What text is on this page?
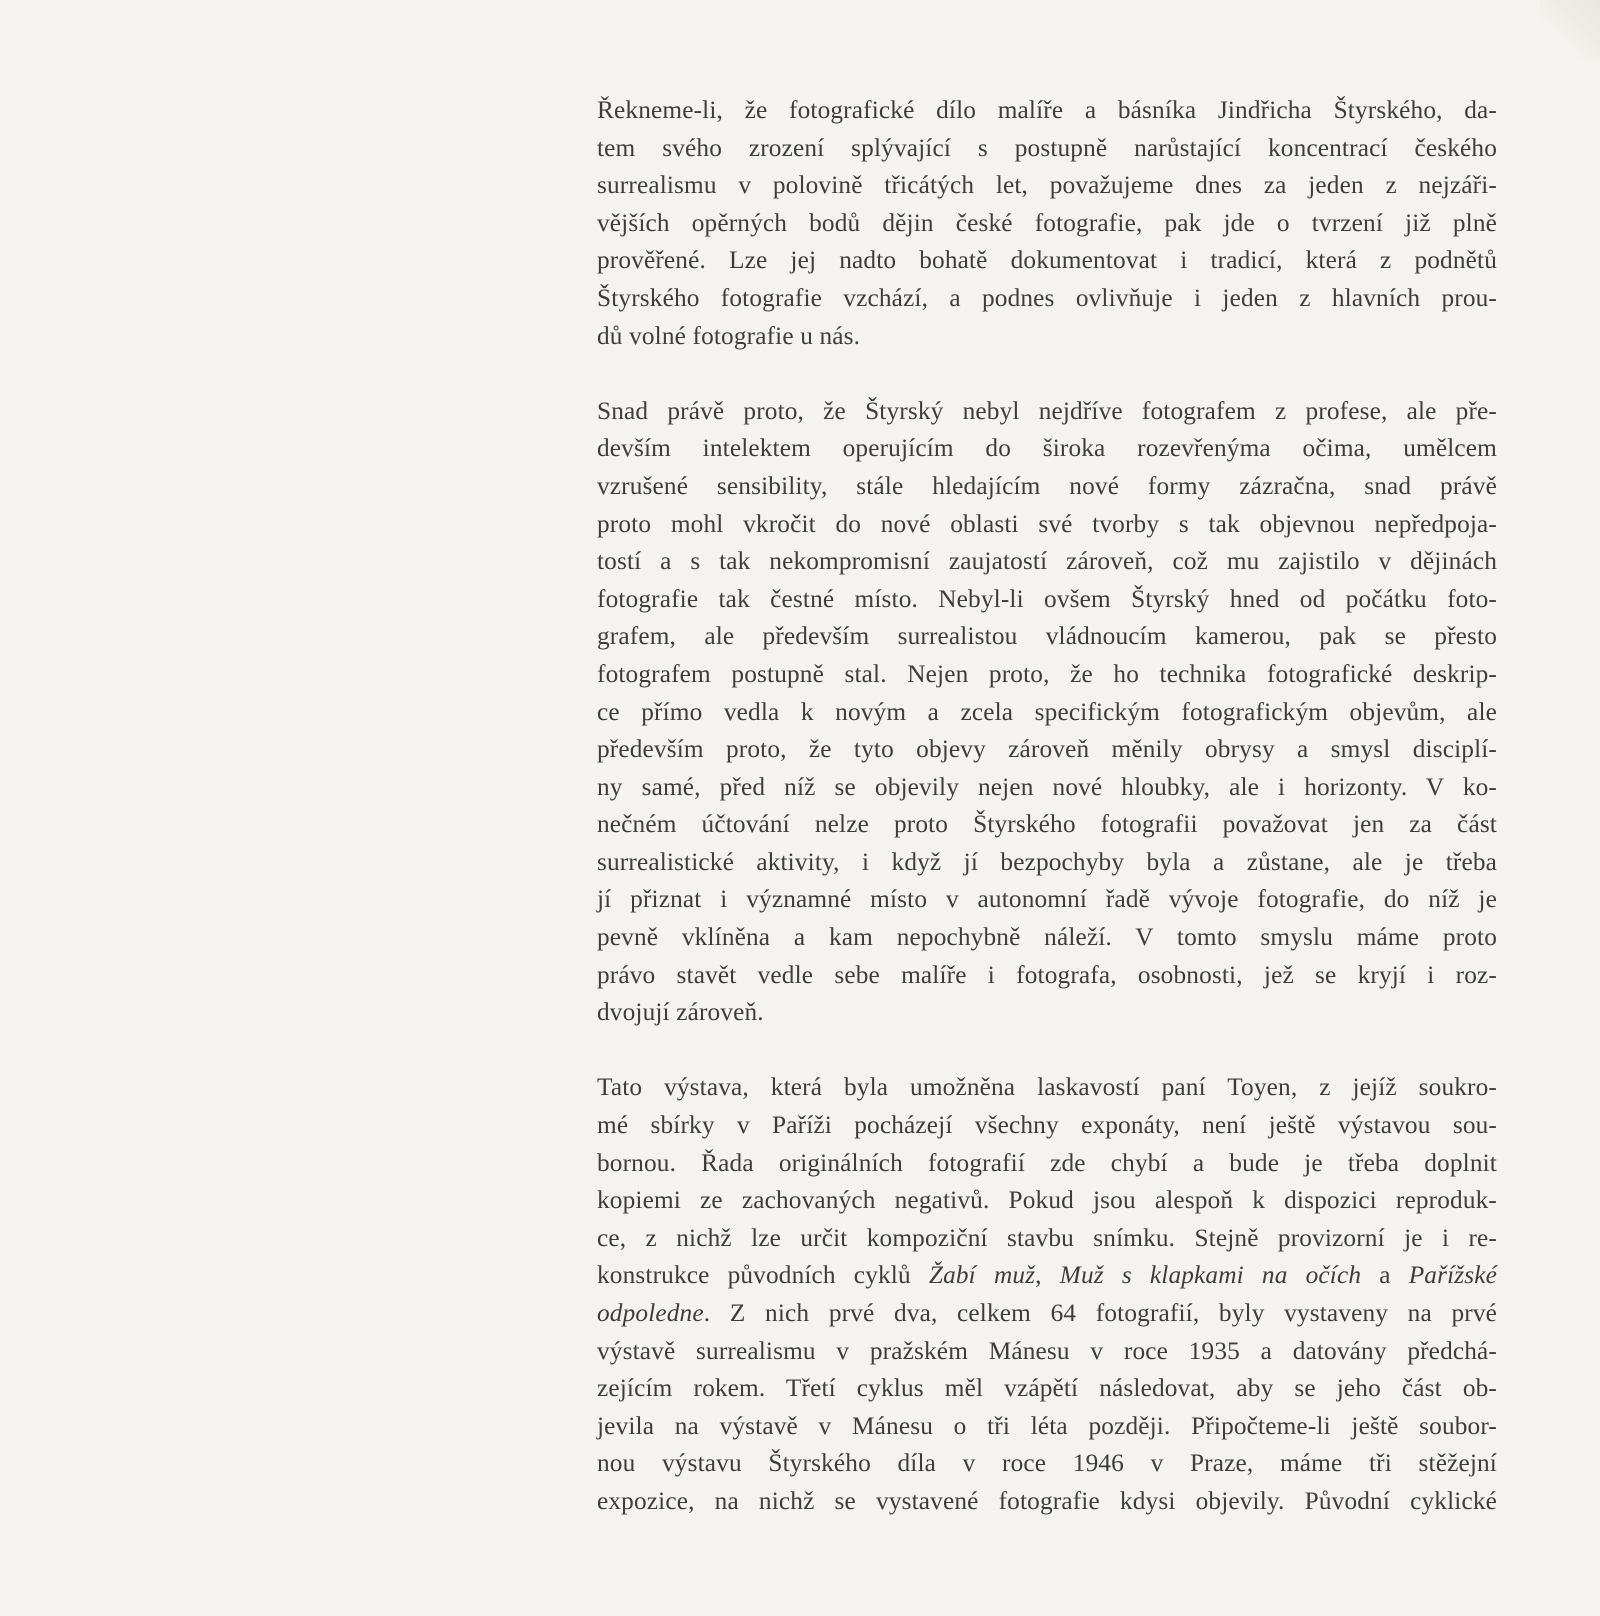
Řekneme-li, že fotografické dílo malíře a básníka Jindřicha Štyrského, da-
tem svého zrození splývající s postupně narůstající koncentrací českého
surrealismu v polovině třicátých let, považujeme dnes za jeden z nejzáři-
vějších opěrných bodů dějin české fotografie, pak jde o tvrzení již plně
prověřené. Lze jej nadto bohatě dokumentovat i tradicí, která z podnětů
Štyrského fotografie vzchází, a podnes ovlivňuje i jeden z hlavních prou-
dů volné fotografie u nás.
Snad právě proto, že Štyrský nebyl nejdříve fotografem z profese, ale pře-
devším intelektem operujícím do široka rozevřenýma očima, umělcem
vzrušené sensibility, stále hledajícím nové formy zázračna, snad právě
proto mohl vkročit do nové oblasti své tvorby s tak objevnou nepředpoja-
tostí a s tak nekompromisní zaujatostí zároveň, což mu zajistilo v dějinách
fotografie tak čestné místo. Nebyl-li ovšem Štyrský hned od počátku foto-
grafem, ale především surrealistou vládnoucím kamerou, pak se přesto
fotografem postupně stal. Nejen proto, že ho technika fotografické deskrip-
ce přímo vedla k novým a zcela specifickým fotografickým objevům, ale
především proto, že tyto objevy zároveň měnily obrysy a smysl disciplí-
ny samé, před níž se objevily nejen nové hloubky, ale i horizonty. V ko-
nečném účtování nelze proto Štyrského fotografii považovat jen za část
surrealistické aktivity, i když jí bezpochyby byla a zůstane, ale je třeba
jí přiznat i významné místo v autonomní řadě vývoje fotografie, do níž je
pevně vklíněna a kam nepochybně náleží. V tomto smyslu máme proto
právo stavět vedle sebe malíře i fotografa, osobnosti, jež se kryjí i roz-
dvojují zároveň.
Tato výstava, která byla umožněna laskavostí paní Toyen, z jejíž soukro-
mé sbírky v Paříži pocházejí všechny exponáty, není ještě výstavou sou-
bornou. Řada originálních fotografií zde chybí a bude je třeba doplnit
kopiemi ze zachovaných negativů. Pokud jsou alespoň k dispozici reproduk-
ce, z nichž lze určit kompoziční stavbu snímku. Stejně provizorní je i re-
konstrukce původních cyklů Žabí muž, Muž s klapkami na očích a Pařížské
odpoledne. Z nich prvé dva, celkem 64 fotografií, byly vystaveny na prvé
výstavě surrealismu v pražském Mánesu v roce 1935 a datovány předchá-
zejícím rokem. Třetí cyklus měl vzápětí následovat, aby se jeho část ob-
jevila na výstavě v Mánesu o tři léta později. Připočteme-li ještě soubor-
nou výstavu Štyrského díla v roce 1946 v Praze, máme tři stěžejní
expozice, na nichž se vystavené fotografie kdysi objevily. Původní cyklické
